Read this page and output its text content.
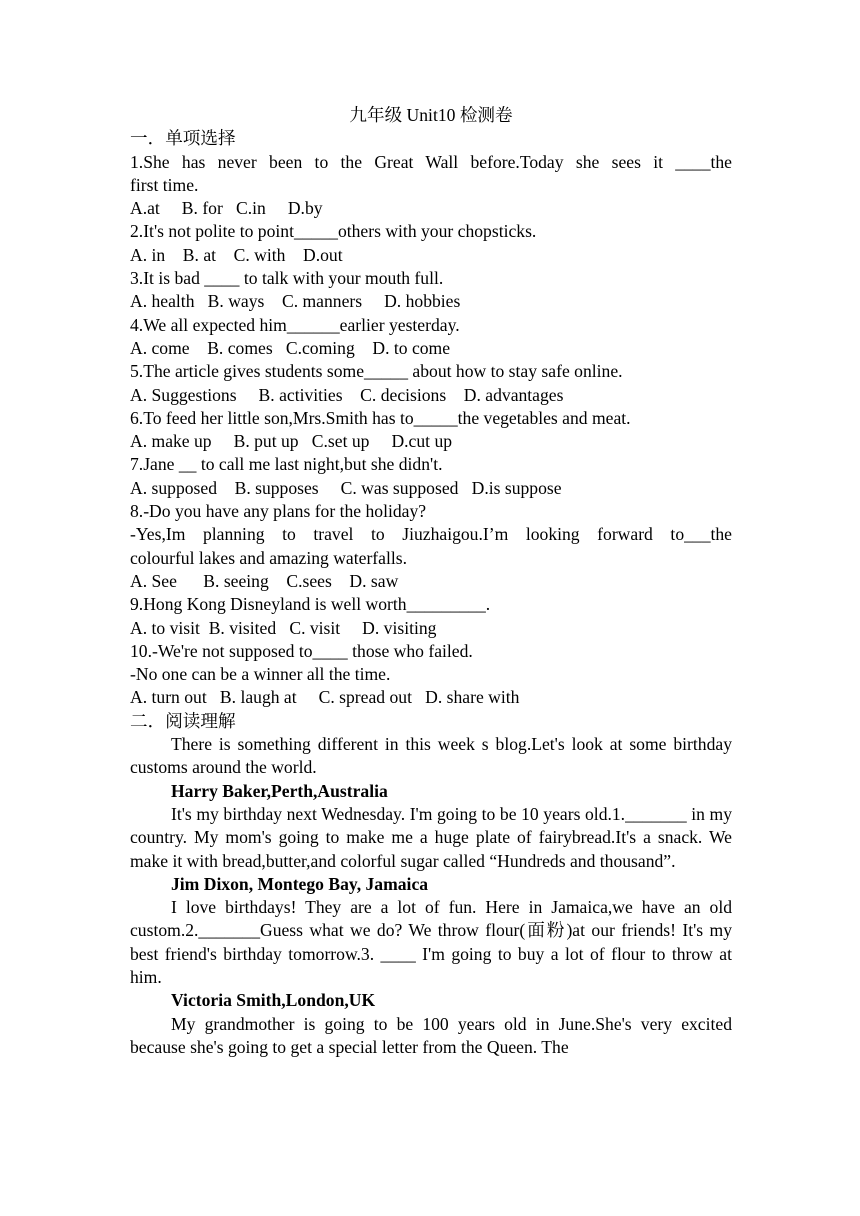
九年级 Unit10 检测卷
一．单项选择
1.She has never been to the Great Wall before.Today she sees it ____the
first time.
A.at     B. for   C.in     D.by
2.It's not polite to point_____others with your chopsticks.
A. in    B. at    C. with    D.out
3.It is bad ____ to talk with your mouth full.
A. health   B. ways    C. manners     D. hobbies
4.We all expected him______earlier yesterday.
A. come    B. comes   C.coming    D. to come
5.The article gives students some_____ about how to stay safe online.
A. Suggestions     B. activities    C. decisions    D. advantages
6.To feed her little son,Mrs.Smith has to_____the vegetables and meat.
A. make up     B. put up   C.set up     D.cut up
7.Jane __ to call me last night,but she didn't.
A. supposed    B. supposes     C. was supposed   D.is suppose
8.-Do you have any plans for the holiday?
-Yes,Im planning to travel to Jiuzhaigou.I’m looking forward to___the
colourful lakes and amazing waterfalls.
A. See      B. seeing    C.sees    D. saw
9.Hong Kong Disneyland is well worth_________.
A. to visit  B. visited   C. visit     D. visiting
10.-We're not supposed to____ those who failed.
-No one can be a winner all the time.
A. turn out   B. laugh at     C. spread out   D. share with
二．阅读理解
There is something different in this week s blog.Let's look at some birthday customs around the world.
Harry Baker,Perth,Australia
It's my birthday next Wednesday. I'm going to be 10 years old.1._______ in my country. My mom's going to make me a huge plate of fairybread.It's a snack. We make it with bread,butter,and colorful sugar called “Hundreds and thousand”.
Jim Dixon, Montego Bay, Jamaica
I love birthdays! They are a lot of fun. Here in Jamaica,we have an old custom.2._______Guess what we do? We throw flour(面粉)at our friends! It's my best friend's birthday tomorrow.3. ____ I'm going to buy a lot of flour to throw at him.
Victoria Smith,London,UK
My grandmother is going to be 100 years old in June.She's very excited because she's going to get a special letter from the Queen. The
